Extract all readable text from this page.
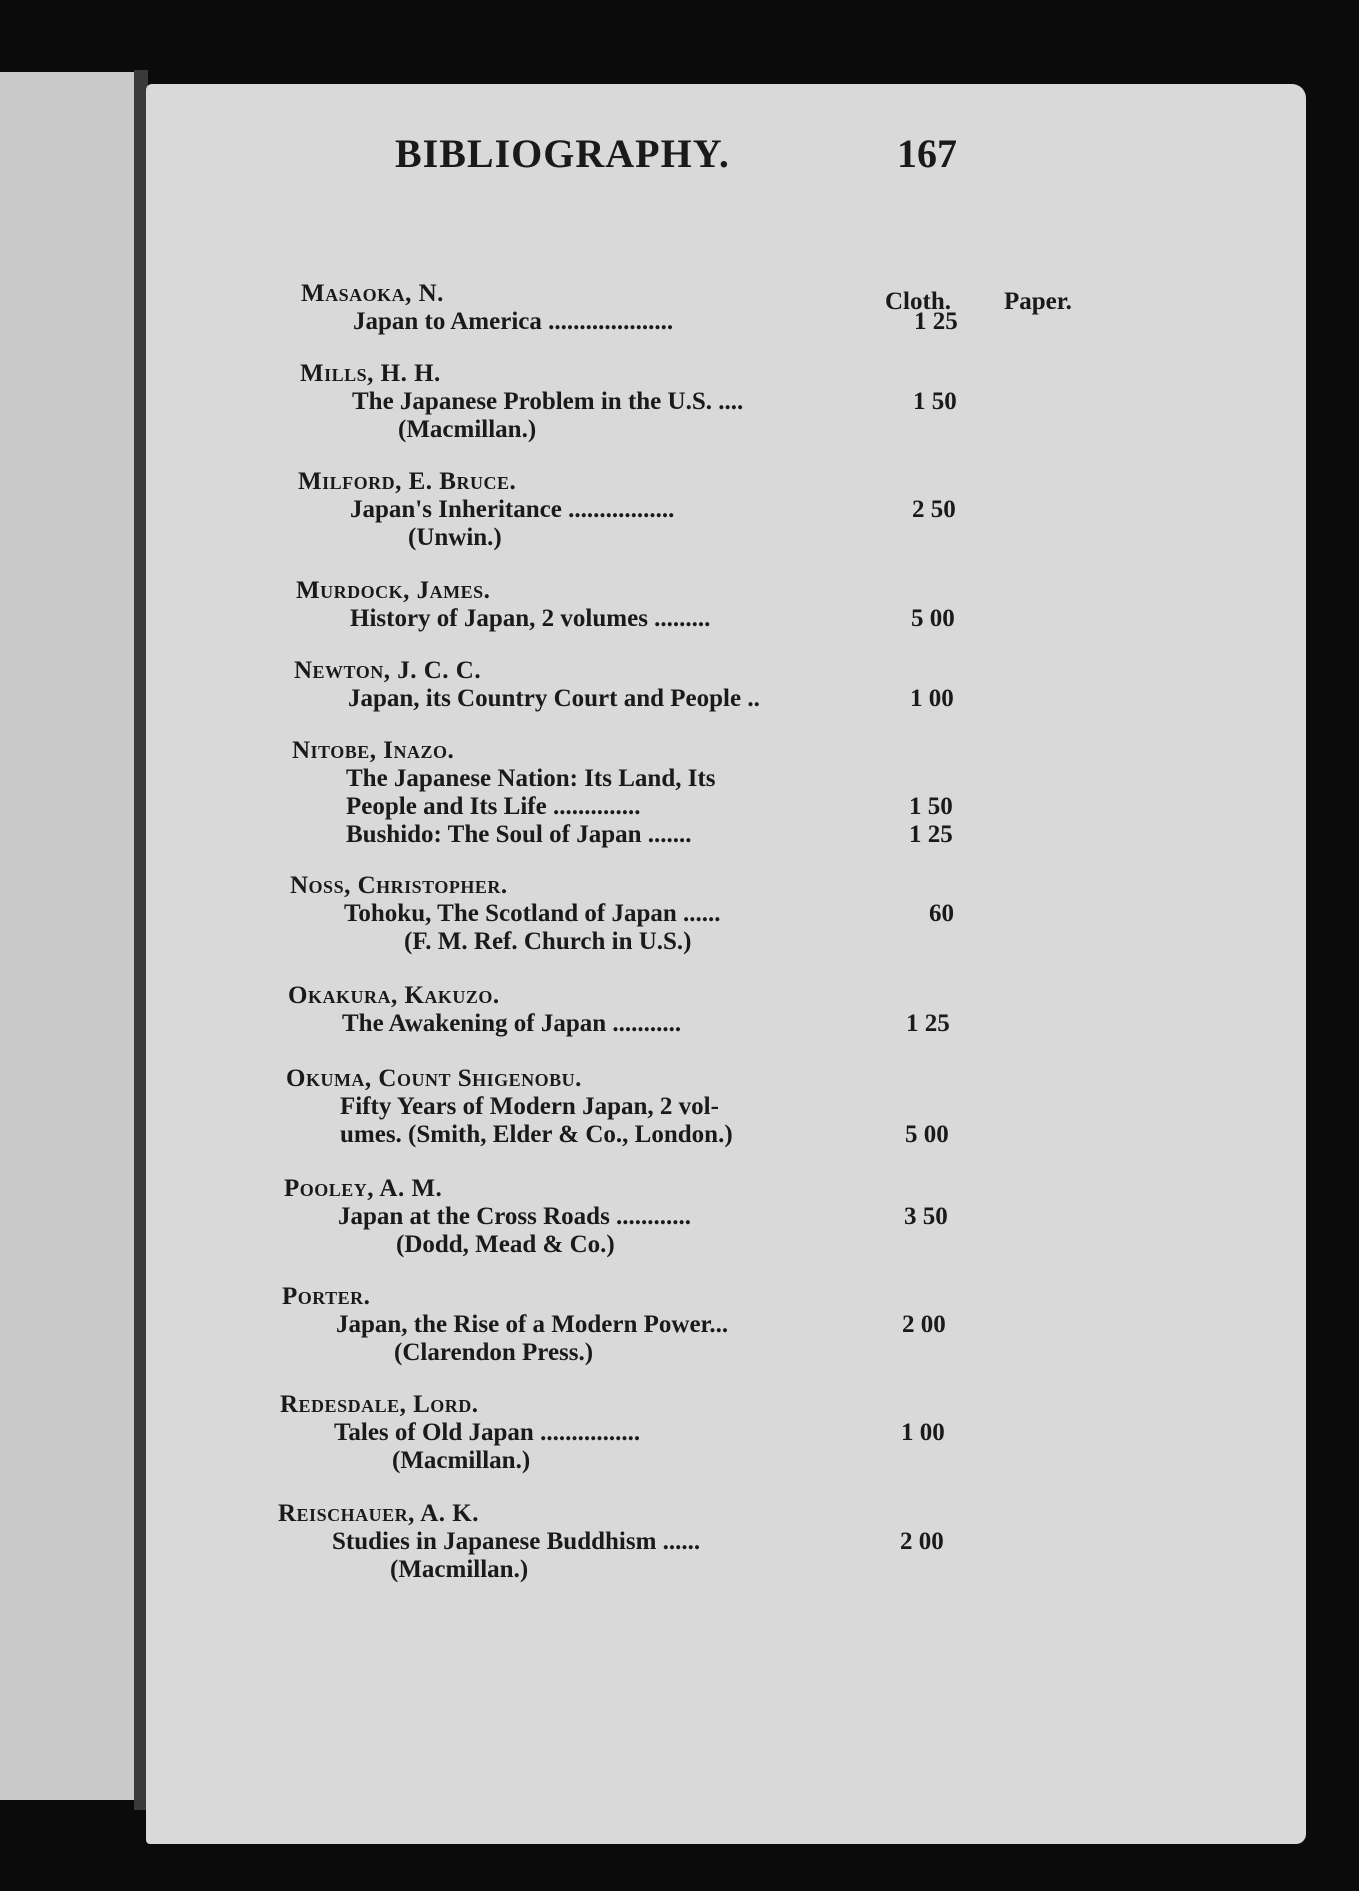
BIBLIOGRAPHY.	167
Cloth. Paper.
Masaoka, N.
Japan to America ....................	1 25
Mills, H. H.
The Japanese Problem in the U.S. ....	1 50
(Macmillan.)
Milford, E. Bruce.
Japan's Inheritance .................	2 50
(Unwin.)
Murdock, James.
History of Japan, 2 volumes .........	5 00
Newton, J. C. C.
Japan, its Country Court and People ..	1 00
Nitobe, Inazo.
The Japanese Nation: Its Land, Its
People and Its Life ..............	1 50
Bushido: The Soul of Japan .......	1 25
Noss, Christopher.
Tohoku, The Scotland of Japan ......	60
(F. M. Ref. Church in U.S.)
Okakura, Kakuzo.
The Awakening of Japan ...........	1 25
Okuma, Count Shigenobu.
Fifty Years of Modern Japan, 2 vol-
umes. (Smith, Elder & Co., London.)	5 00
Pooley, A. M.
Japan at the Cross Roads ............	3 50
(Dodd, Mead & Co.)
Porter.
Japan, the Rise of a Modern Power...	2 00
(Clarendon Press.)
Redesdale, Lord.
Tales of Old Japan ................	1 00
(Macmillan.)
Reischauer, A. K.
Studies in Japanese Buddhism ......	2 00
(Macmillan.)
